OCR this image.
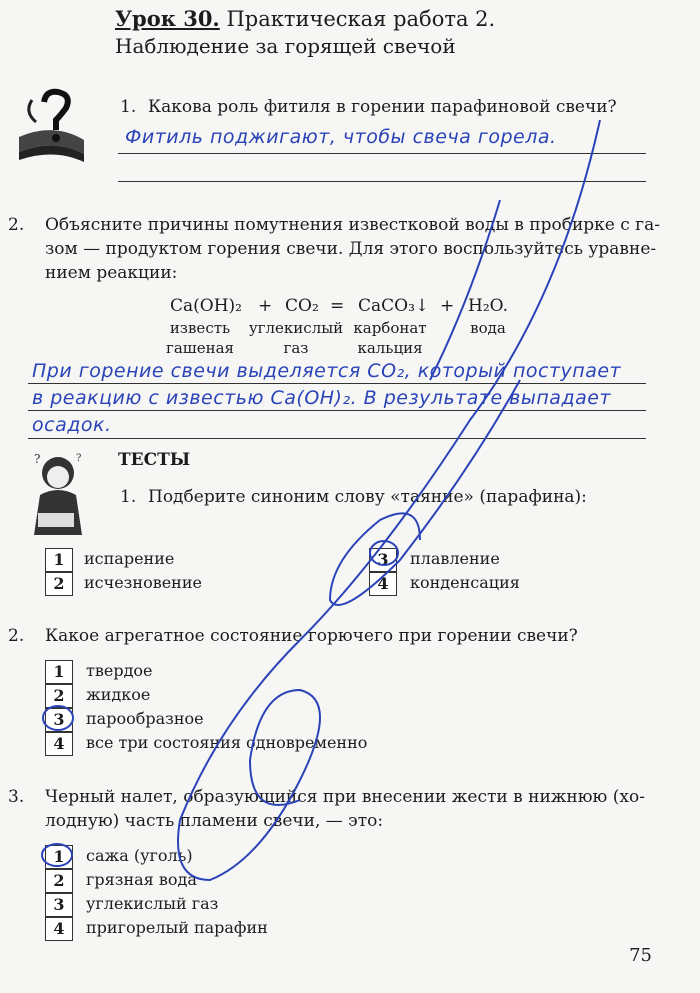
Урок 30. Практическая работа 2.
Наблюдение за горящей свечой
?	?
1. Какова роль фитиля в горении парафиновой свечи?
Фитиль поджигают, чтобы свеча горела.
2. Объясните причины помутнения известковой воды в пробирке с га-
зом — продуктом горения свечи. Для этого воспользуйтесь уравне-
нием реакции:
Ca(OH)₂ + CO₂ = CaCO₃↓ + H₂O.
известь
гашеная
углекислый
газ
карбонат
кальция
вода
При горение свечи выделяется CO₂, который поступает
в реакцию с известью Ca(OH)₂. В результате выпадает
осадок.
ТЕСТЫ
1. Подберите синоним слову «таяние» (парафина):
1	испарение
2	исчезновение
3	плавление
4	конденсация
2. Какое агрегатное состояние горючего при горении свечи?
1	твердое
2	жидкое
3	парообразное
4	все три состояния одновременно
3. Черный налет, образующийся при внесении жести в нижнюю (хо-
лодную) часть пламени свечи, — это:
1	сажа (уголь)
2	грязная вода
3	углекислый газ
4	пригорелый парафин
75
